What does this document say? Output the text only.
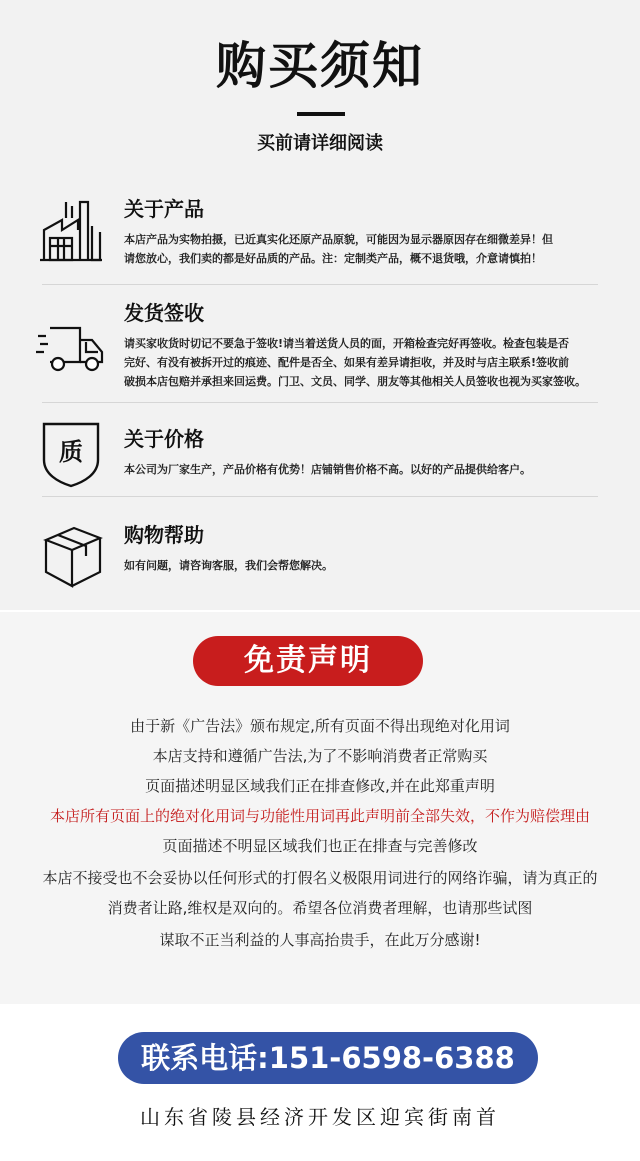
购买须知
买前请详细阅读
关于产品
本店产品为实物拍摄，已近真实化还原产品原貌，可能因为显示器原因存在细微差异！但
请您放心，我们卖的都是好品质的产品。注：定制类产品，概不退货哦，介意请慎拍！
发货签收
请买家收货时切记不要急于签收!请当着送货人员的面，开箱检查完好再签收。检查包装是否
完好、有没有被拆开过的痕迹、配件是否全、如果有差异请拒收，并及时与店主联系!签收前
破损本店包赔并承担来回运费。门卫、文员、同学、朋友等其他相关人员签收也视为买家签收。
质 关于价格
本公司为厂家生产，产品价格有优势！店铺销售价格不高。以好的产品提供给客户。
购物帮助
如有问题，请咨询客服，我们会帮您解决。
免责声明
由于新《广告法》颁布规定,所有页面不得出现绝对化用词
本店支持和遵循广告法,为了不影响消费者正常购买
页面描述明显区域我们正在排查修改,并在此郑重声明
本店所有页面上的绝对化用词与功能性用词再此声明前全部失效，不作为赔偿理由
页面描述不明显区域我们也正在排查与完善修改
本店不接受也不会妥协以任何形式的打假名义极限用词进行的网络诈骗，请为真正的
消费者让路,维权是双向的。希望各位消费者理解，也请那些试图
谋取不正当利益的人事高抬贵手，在此万分感谢!
联系电话:151-6598-6388
山东省陵县经济开发区迎宾街南首
